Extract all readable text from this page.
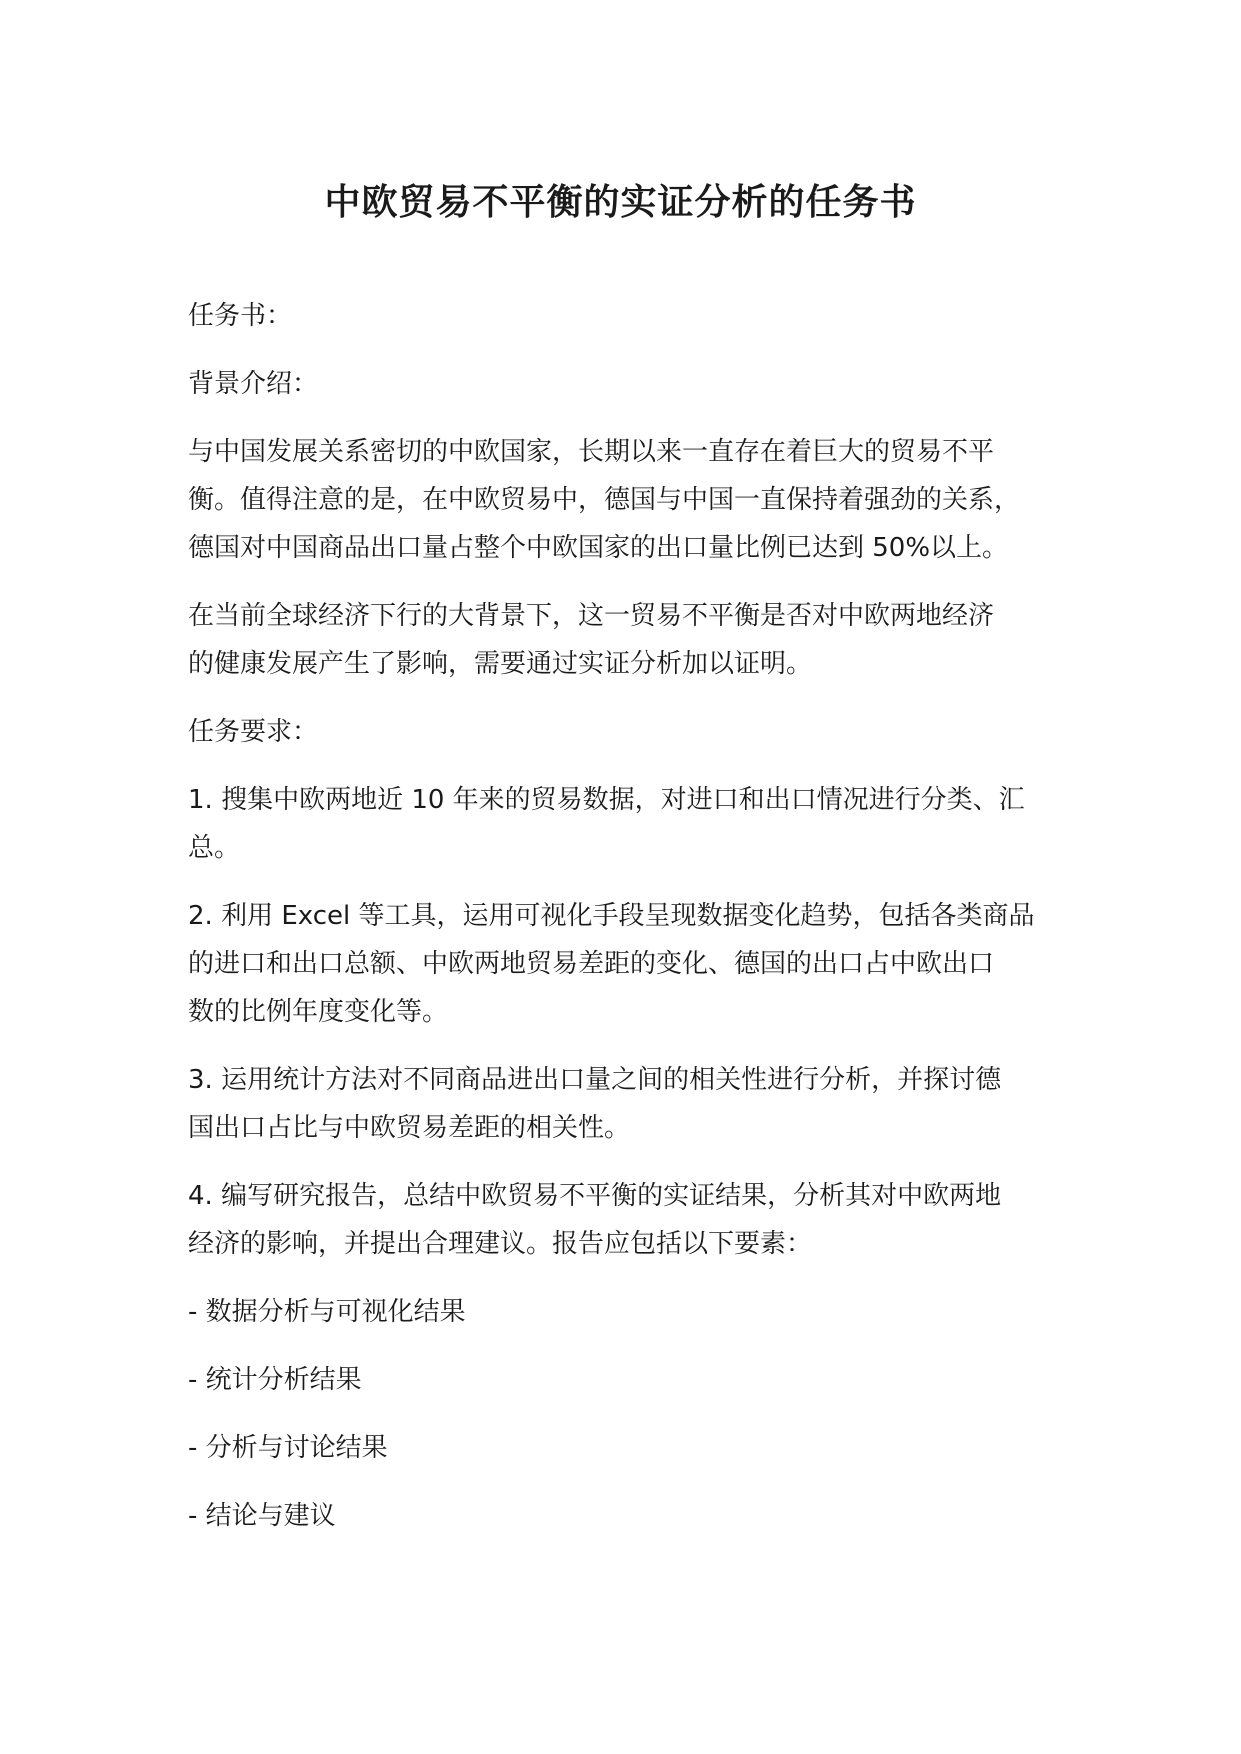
中欧贸易不平衡的实证分析的任务书

任务书：

背景介绍：

与中国发展关系密切的中欧国家，长期以来一直存在着巨大的贸易不平
衡。值得注意的是，在中欧贸易中，德国与中国一直保持着强劲的关系，
德国对中国商品出口量占整个中欧国家的出口量比例已达到 50%以上。

在当前全球经济下行的大背景下，这一贸易不平衡是否对中欧两地经济
的健康发展产生了影响，需要通过实证分析加以证明。

任务要求：

1. 搜集中欧两地近 10 年来的贸易数据，对进口和出口情况进行分类、汇
总。

2. 利用 Excel 等工具，运用可视化手段呈现数据变化趋势，包括各类商品
的进口和出口总额、中欧两地贸易差距的变化、德国的出口占中欧出口
数的比例年度变化等。

3. 运用统计方法对不同商品进出口量之间的相关性进行分析，并探讨德
国出口占比与中欧贸易差距的相关性。

4. 编写研究报告，总结中欧贸易不平衡的实证结果，分析其对中欧两地
经济的影响，并提出合理建议。报告应包括以下要素：

- 数据分析与可视化结果

- 统计分析结果

- 分析与讨论结果

- 结论与建议
